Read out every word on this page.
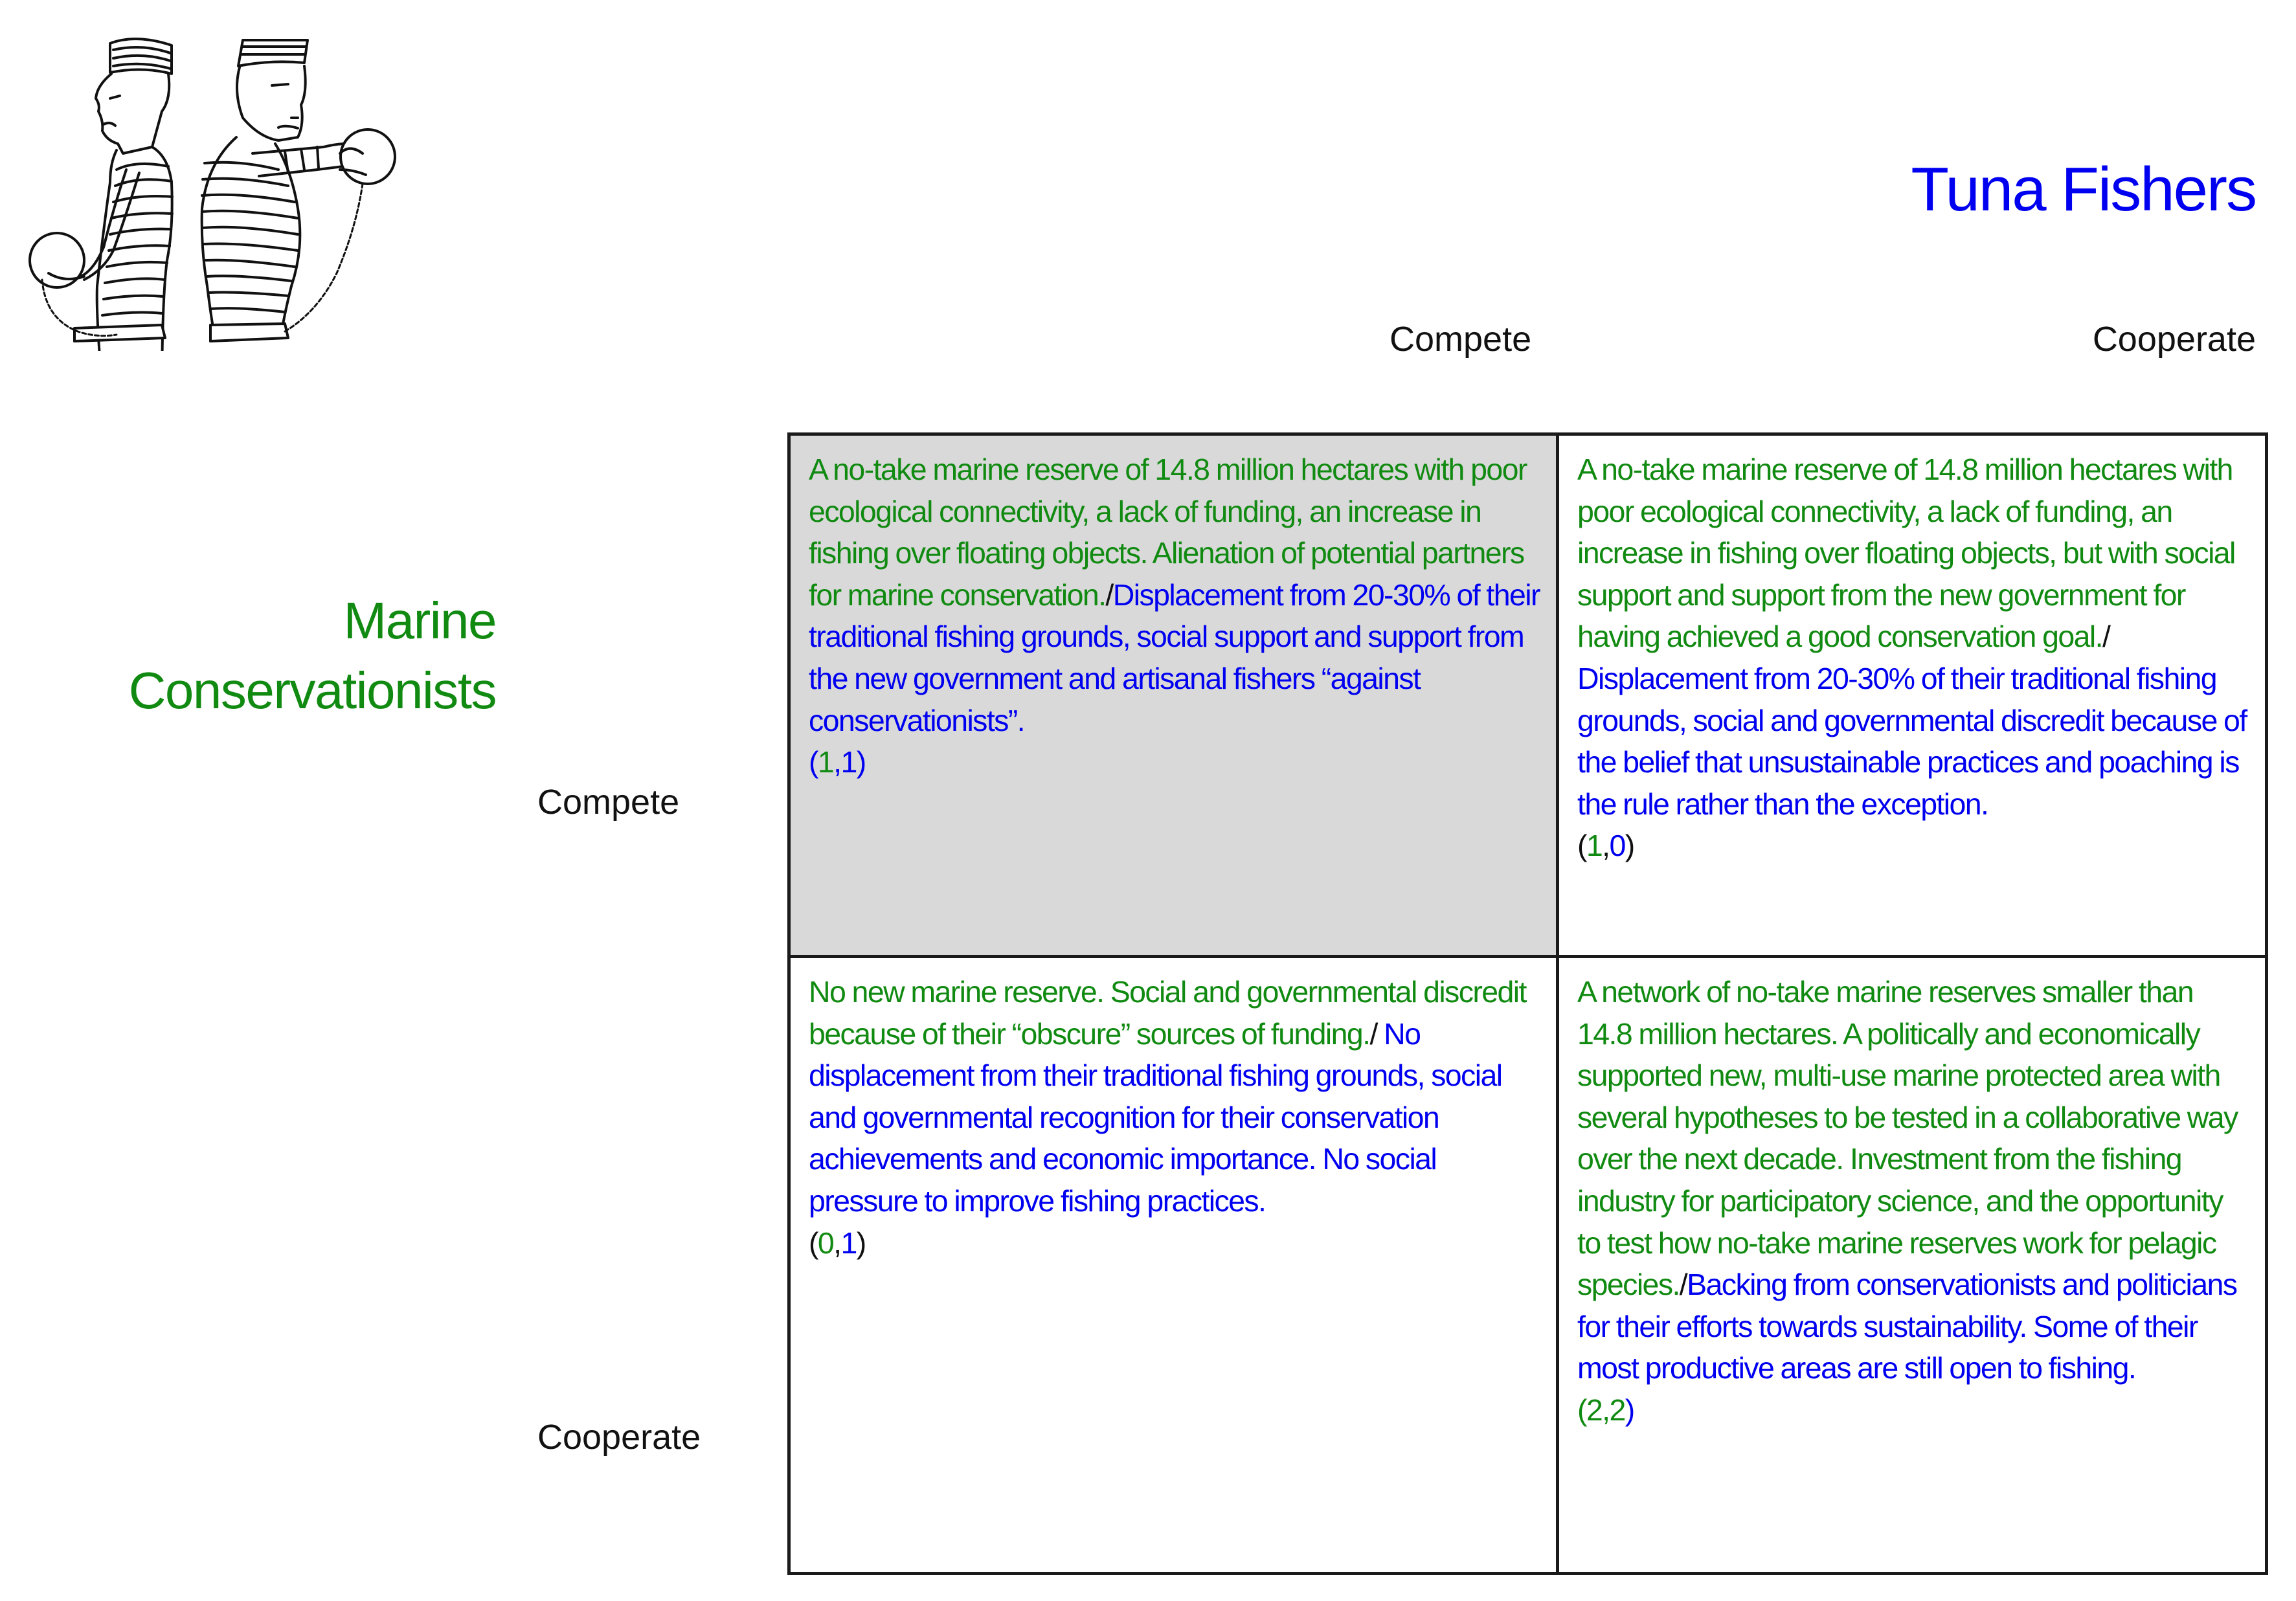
Tuna Fishers
Compete	Cooperate
Marine Conservationists
Compete
Cooperate
A no-take marine reserve of 14.8 million hectares with poor ecological connectivity, a lack of funding, an increase in fishing over floating objects. Alienation of potential partners for marine conservation./Displacement from 20-30% of their traditional fishing grounds, social support and support from the new government and artisanal fishers “against conservationists”.
(1,1)
A no-take marine reserve of 14.8 million hectares with poor ecological connectivity, a lack of funding, an increase in fishing over floating objects, but with social support and support from the new government for having achieved a good conservation goal./
Displacement from 20-30% of their traditional fishing grounds, social and governmental discredit because of the belief that unsustainable practices and poaching is the rule rather than the exception.
(1,0)
No new marine reserve. Social and governmental discredit because of their “obscure” sources of funding./ No displacement from their traditional fishing grounds, social and governmental recognition for their conservation achievements and economic importance. No social pressure to improve fishing practices.
(0,1)
A network of no-take marine reserves smaller than 14.8 million hectares. A politically and economically supported new, multi-use marine protected area with several hypotheses to be tested in a collaborative way over the next decade. Investment from the fishing industry for participatory science, and the opportunity to test how no-take marine reserves work for pelagic species./Backing from conservationists and politicians for their efforts towards sustainability. Some of their most productive areas are still open to fishing.
(2,2)
